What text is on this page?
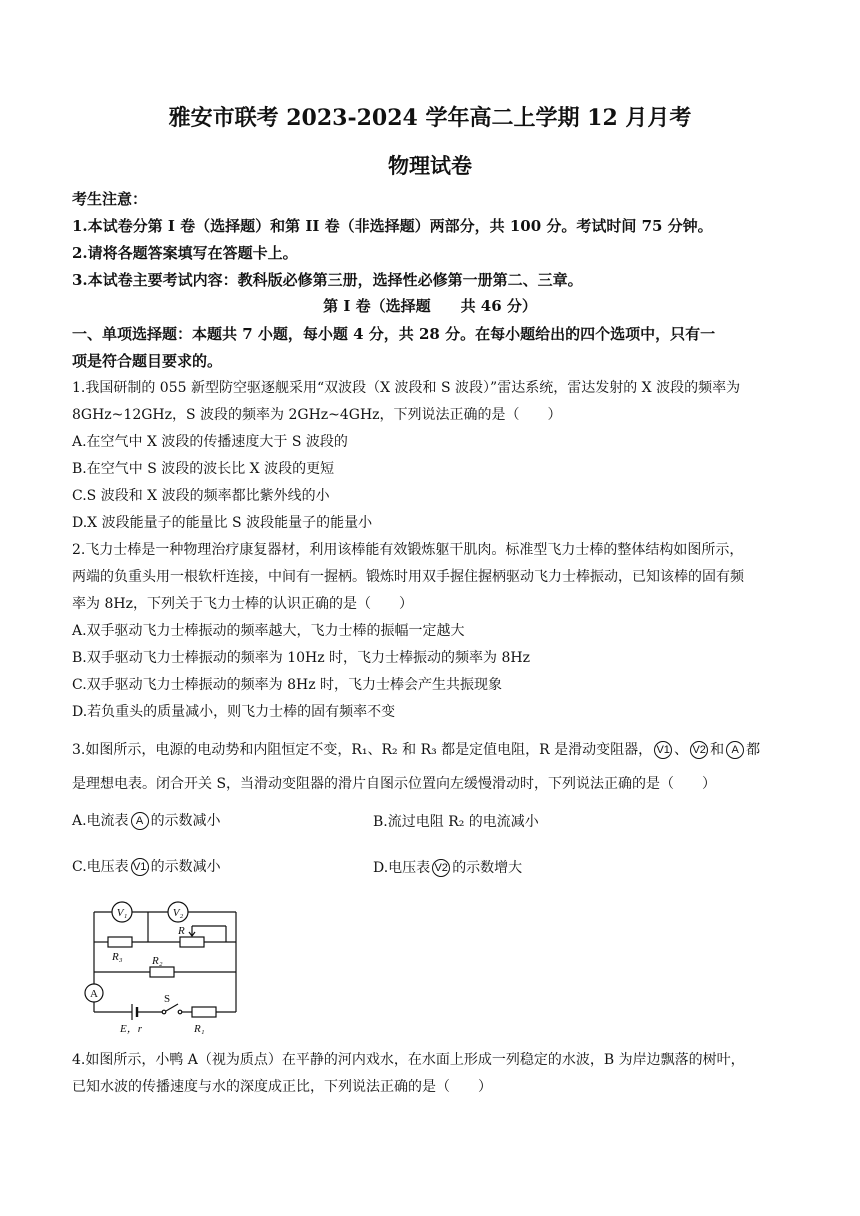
雅安市联考 2023-2024 学年高二上学期 12 月月考
物理试卷
考生注意：
1.本试卷分第 I 卷（选择题）和第 II 卷（非选择题）两部分，共 100 分。考试时间 75 分钟。
2.请将各题答案填写在答题卡上。
3.本试卷主要考试内容：教科版必修第三册，选择性必修第一册第二、三章。
第 I 卷（选择题　　共 46 分）
一、单项选择题：本题共 7 小题，每小题 4 分，共 28 分。在每小题给出的四个选项中，只有一
项是符合题目要求的。
1.我国研制的 055 新型防空驱逐舰采用“双波段（X 波段和 S 波段）”雷达系统，雷达发射的 X 波段的频率为
8GHz~12GHz，S 波段的频率为 2GHz~4GHz，下列说法正确的是（　　）
A.在空气中 X 波段的传播速度大于 S 波段的
B.在空气中 S 波段的波长比 X 波段的更短
C.S 波段和 X 波段的频率都比紫外线的小
D.X 波段能量子的能量比 S 波段能量子的能量小
2.飞力士棒是一种物理治疗康复器材，利用该棒能有效锻炼躯干肌肉。标准型飞力士棒的整体结构如图所示，
两端的负重头用一根软杆连接，中间有一握柄。锻炼时用双手握住握柄驱动飞力士棒振动，已知该棒的固有频
率为 8Hz，下列关于飞力士棒的认识正确的是（　　）
A.双手驱动飞力士棒振动的频率越大，飞力士棒的振幅一定越大
B.双手驱动飞力士棒振动的频率为 10Hz 时，飞力士棒振动的频率为 8Hz
C.双手驱动飞力士棒振动的频率为 8Hz 时，飞力士棒会产生共振现象
D.若负重头的质量减小，则飞力士棒的固有频率不变
3.如图所示，电源的电动势和内阻恒定不变，R₁、R₂ 和 R₃ 都是定值电阻，R 是滑动变阻器， V1 、 V2 和 A 都
是理想电表。闭合开关 S，当滑动变阻器的滑片自图示位置向左缓慢滑动时，下列说法正确的是（　　）
A.电流表 A 的示数减小	B.流过电阻 R₂ 的电流减小
C.电压表 V1 的示数减小	D.电压表 V2 的示数增大
V₁	V₂
R
R₃	R₂
A	S
E，r	R₁
4.如图所示，小鸭 A（视为质点）在平静的河内戏水，在水面上形成一列稳定的水波，B 为岸边飘落的树叶，
已知水波的传播速度与水的深度成正比，下列说法正确的是（　　）
